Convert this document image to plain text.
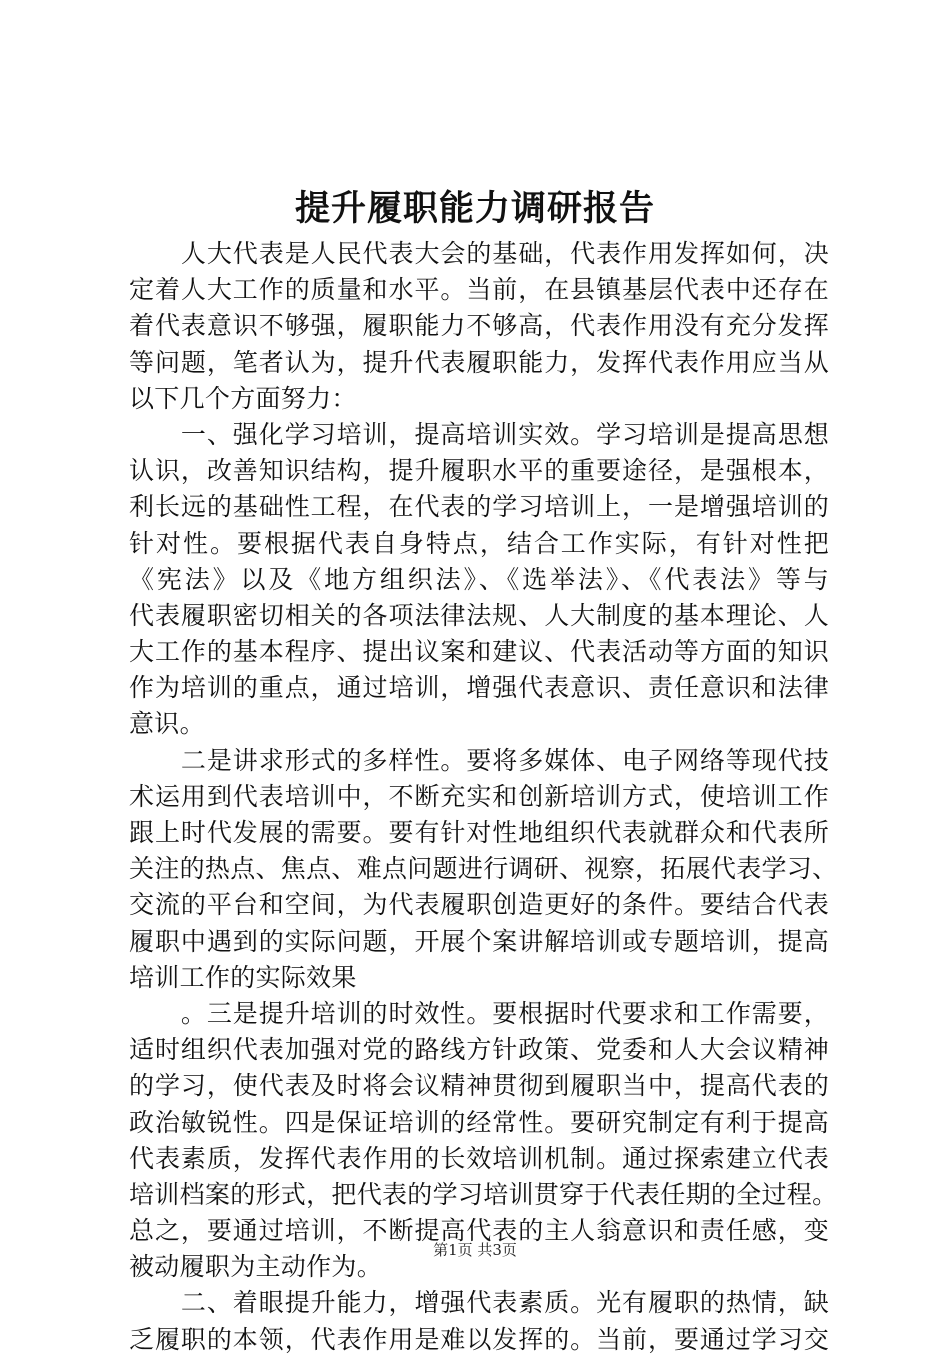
提升履职能力调研报告
　　人大代表是人民代表大会的基础，代表作用发挥如何，决
定着人大工作的质量和水平。当前，在县镇基层代表中还存在
着代表意识不够强，履职能力不够高，代表作用没有充分发挥
等问题，笔者认为，提升代表履职能力，发挥代表作用应当从
以下几个方面努力：
　　一、强化学习培训，提高培训实效。学习培训是提高思想
认识，改善知识结构，提升履职水平的重要途径，是强根本，
利长远的基础性工程，在代表的学习培训上，一是增强培训的
针对性。要根据代表自身特点，结合工作实际，有针对性把
《宪法》以及《地方组织法》、《选举法》、《代表法》等与
代表履职密切相关的各项法律法规、人大制度的基本理论、人
大工作的基本程序、提出议案和建议、代表活动等方面的知识
作为培训的重点，通过培训，增强代表意识、责任意识和法律
意识。
　　二是讲求形式的多样性。要将多媒体、电子网络等现代技
术运用到代表培训中，不断充实和创新培训方式，使培训工作
跟上时代发展的需要。要有针对性地组织代表就群众和代表所
关注的热点、焦点、难点问题进行调研、视察，拓展代表学习、
交流的平台和空间，为代表履职创造更好的条件。要结合代表
履职中遇到的实际问题，开展个案讲解培训或专题培训，提高
培训工作的实际效果
　　。三是提升培训的时效性。要根据时代要求和工作需要，
适时组织代表加强对党的路线方针政策、党委和人大会议精神
的学习，使代表及时将会议精神贯彻到履职当中，提高代表的
政治敏锐性。四是保证培训的经常性。要研究制定有利于提高
代表素质，发挥代表作用的长效培训机制。通过探索建立代表
培训档案的形式，把代表的学习培训贯穿于代表任期的全过程。
总之，要通过培训，不断提高代表的主人翁意识和责任感，变
被动履职为主动作为。
　　二、着眼提升能力，增强代表素质。光有履职的热情，缺
乏履职的本领，代表作用是难以发挥的。当前，要通过学习交
第1页 共3页
